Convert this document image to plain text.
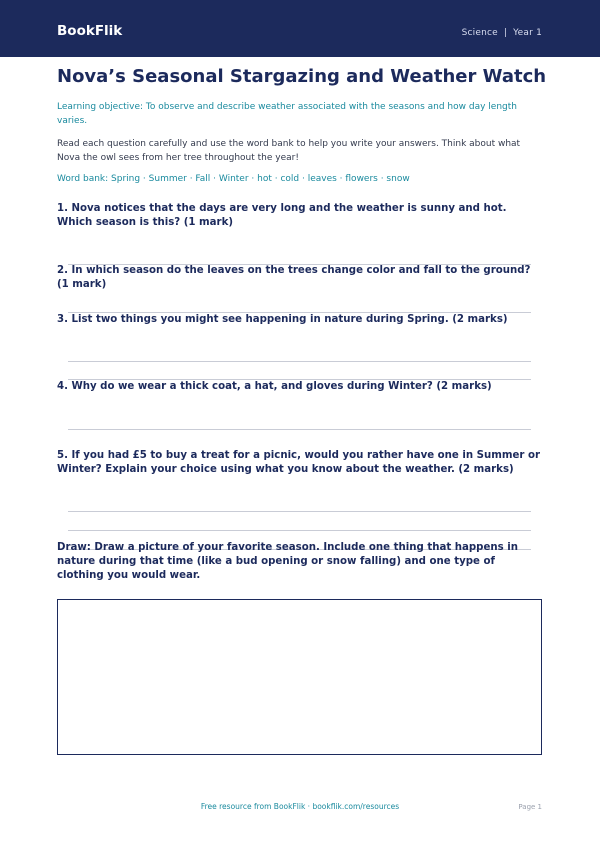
BookFlik	Science | Year 1
Nova’s Seasonal Stargazing and Weather Watch
Learning objective: To observe and describe weather associated with the seasons and how day length varies.
Read each question carefully and use the word bank to help you write your answers. Think about what Nova the owl sees from her tree throughout the year!
Word bank: Spring · Summer · Fall · Winter · hot · cold · leaves · flowers · snow
1. Nova notices that the days are very long and the weather is sunny and hot. Which season is this? (1 mark)
2. In which season do the leaves on the trees change color and fall to the ground? (1 mark)
3. List two things you might see happening in nature during Spring. (2 marks)
4. Why do we wear a thick coat, a hat, and gloves during Winter? (2 marks)
5. If you had £5 to buy a treat for a picnic, would you rather have one in Summer or Winter? Explain your choice using what you know about the weather. (2 marks)
Draw: Draw a picture of your favorite season. Include one thing that happens in nature during that time (like a bud opening or snow falling) and one type of clothing you would wear.
Free resource from BookFlik · bookflik.com/resources	Page 1
